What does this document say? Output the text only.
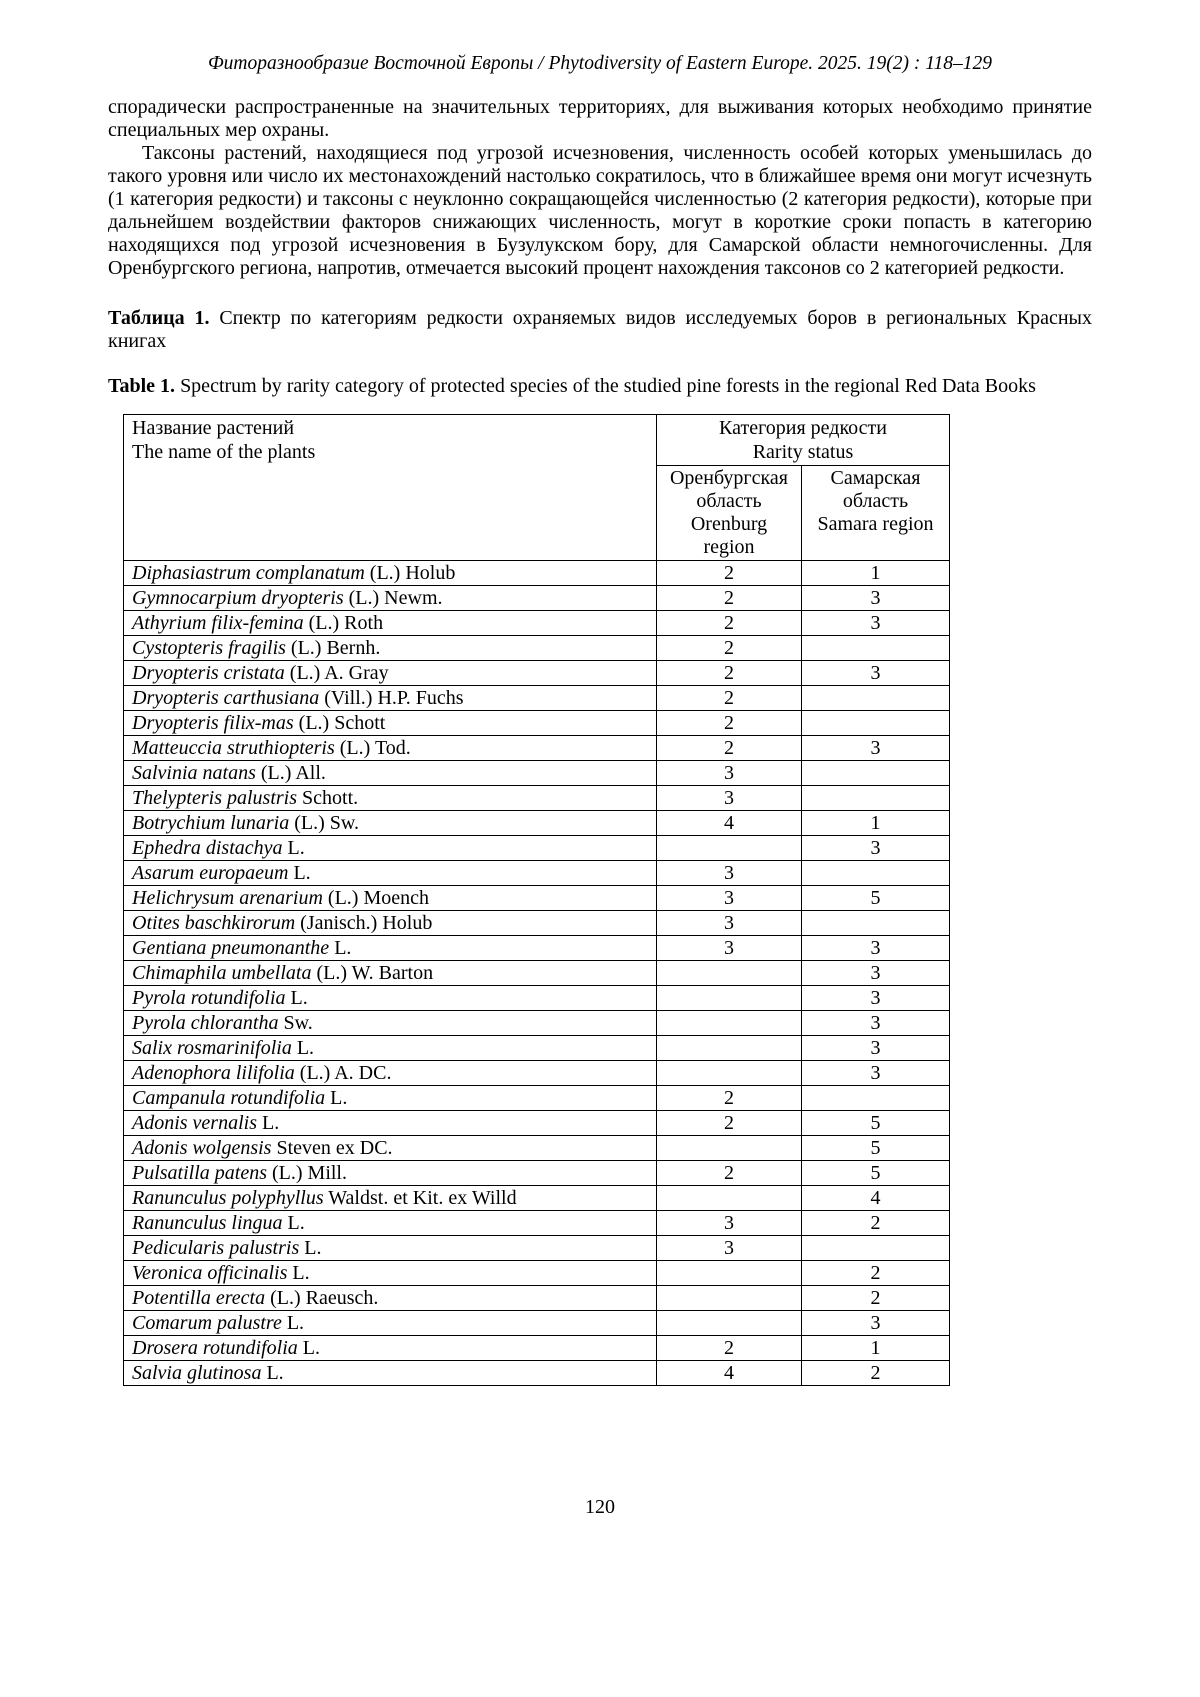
Фиторазнообразие Восточной Европы / Phytodiversity of Eastern Europe. 2025. 19(2) : 118–129

спорадически распространенные на значительных территориях, для выживания которых необходимо принятие специальных мер охраны.

Таксоны растений, находящиеся под угрозой исчезновения, численность особей которых уменьшилась до такого уровня или число их местонахождений настолько сократилось, что в ближайшее время они могут исчезнуть (1 категория редкости) и таксоны с неуклонно сокращающейся численностью (2 категория редкости), которые при дальнейшем воздействии факторов снижающих численность, могут в короткие сроки попасть в категорию находящихся под угрозой исчезновения в Бузулукском бору, для Самарской области немногочисленны. Для Оренбургского региона, напротив, отмечается высокий процент нахождения таксонов со 2 категорией редкости.

Таблица 1. Спектр по категориям редкости охраняемых видов исследуемых боров в региональных Красных книгах

Table 1. Spectrum by rarity category of protected species of the studied pine forests in the regional Red Data Books

Название растений
The name of the plants

Категория редкости
Rarity status

	Оренбургская
область
Orenburg
region	Самарская
область
Samara region
Diphasiastrum complanatum (L.) Holub	2	1
Gymnocarpium dryopteris (L.) Newm.	2	3
Athyrium filix-femina (L.) Roth	2	3
Cystopteris fragilis (L.) Bernh.	2	
Dryopteris cristata (L.) A. Gray	2	3
Dryopteris carthusiana (Vill.) H.P. Fuchs	2	
Dryopteris filix-mas (L.) Schott	2	
Matteuccia struthiopteris (L.) Tod.	2	3
Salvinia natans (L.) All.	3	
Thelypteris palustris Schott.	3	
Botrychium lunaria (L.) Sw.	4	1
Ephedra distachya L.		3
Asarum europaeum L.	3	
Helichrysum arenarium (L.) Moench	3	5
Otites baschkirorum (Janisch.) Holub	3	
Gentiana pneumonanthe L.	3	3
Chimaphila umbellata (L.) W. Barton		3
Pyrola rotundifolia L.		3
Pyrola chlorantha Sw.		3
Salix rosmarinifolia L.		3
Adenophora lilifolia (L.) A. DC.		3
Campanula rotundifolia L.	2	
Adonis vernalis L.	2	5
Adonis wolgensis Steven ex DC.		5
Pulsatilla patens (L.) Mill.	2	5
Ranunculus polyphyllus Waldst. et Kit. ex Willd		4
Ranunculus lingua L.	3	2
Pedicularis palustris L.	3	
Veronica officinalis L.		2
Potentilla erecta (L.) Raeusch.		2
Comarum palustre L.		3
Drosera rotundifolia L.	2	1
Salvia glutinosa L.	4	2
120
